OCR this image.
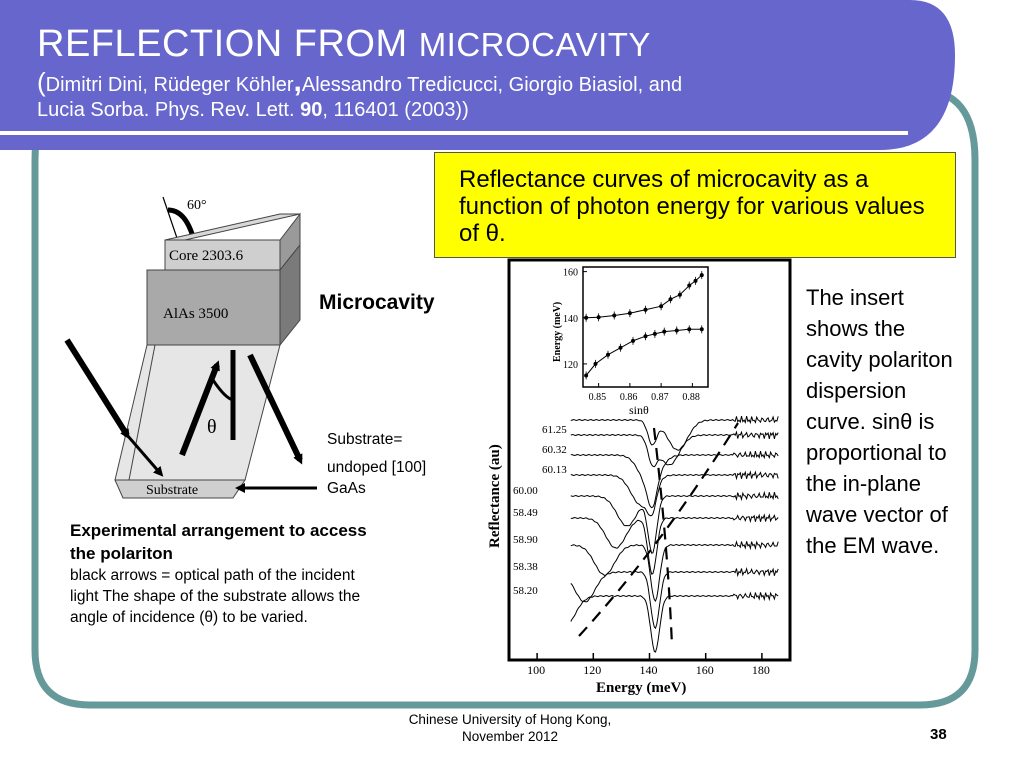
REFLECTION FROM MICROCAVITY
(Dimitri Dini, Rüdeger Köhler,Alessandro Tredicucci, Giorgio Biasiol, and
Lucia Sorba. Phys. Rev. Lett. 90, 116401 (2003))
Reflectance curves of microcavity as a function of photon energy for various values of θ.
The insert shows the cavity polariton dispersion curve. sinθ is proportional to the in-plane wave vector of the EM wave.
60°
Core 2303.6
AlAs 3500
Substrate
θ
Microcavity
Substrate=
undoped [100]
GaAs
Experimental arrangement to access the polariton
black arrows = optical path of the incident light The shape of the substrate allows the angle of incidence (θ) to be varied.
100	120	140	160	180
61.25
60.32
60.13
60.00
58.49
58.90
58.38
58.20
Reflectance (au)
Energy (meV)
0.85 0.86 0.87 0.88
120
140
160
Energy (meV)
sinθ
Chinese University of Hong Kong,
November 2012	38
